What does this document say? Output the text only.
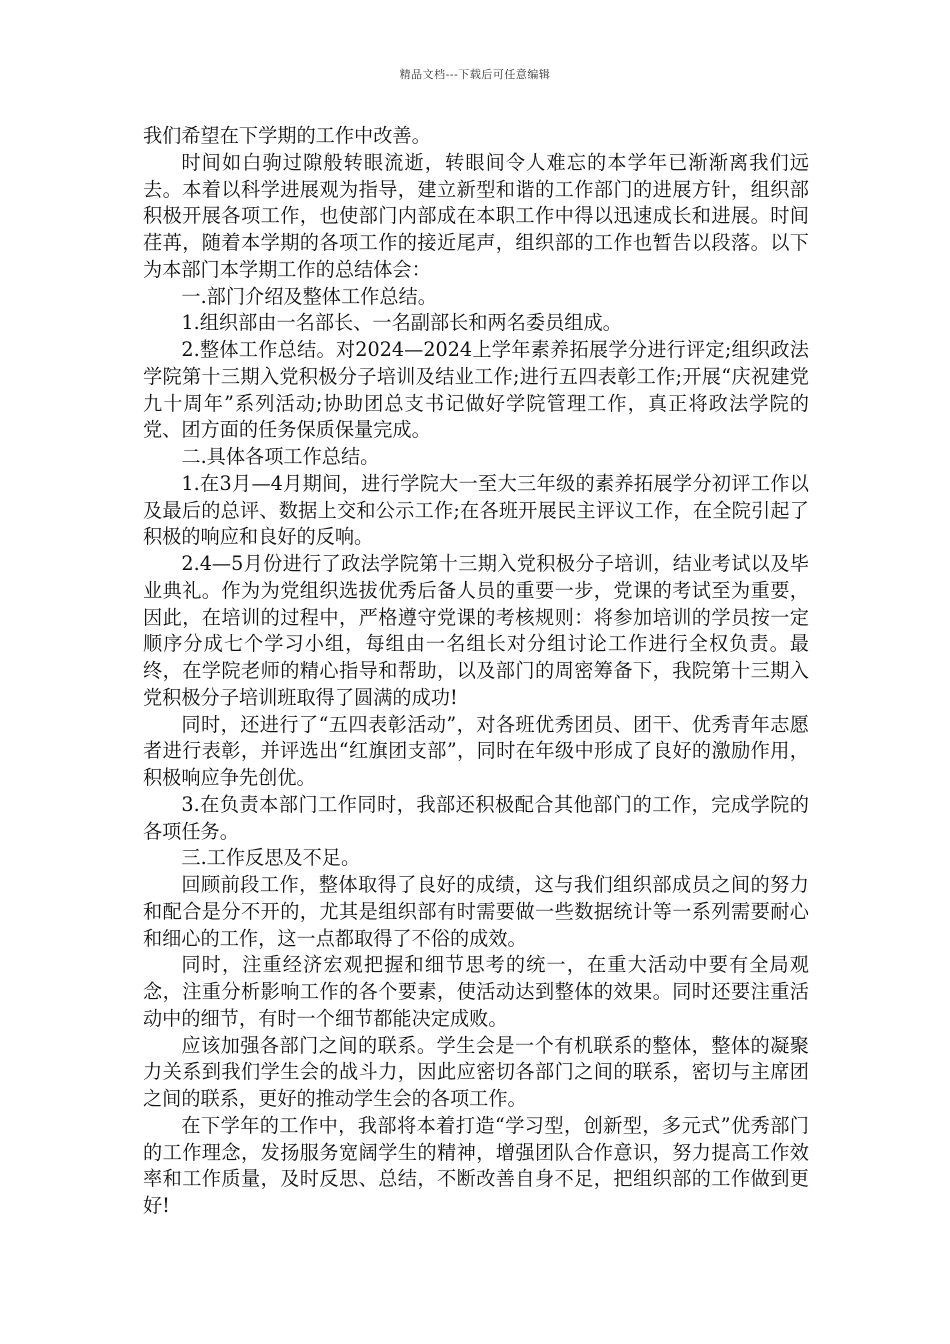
精品文档---下载后可任意编辑

我们希望在下学期的工作中改善。

时间如白驹过隙般转眼流逝，转眼间令人难忘的本学年已渐渐离我们远去。本着以科学进展观为指导，建立新型和谐的工作部门的进展方针，组织部积极开展各项工作，也使部门内部成在本职工作中得以迅速成长和进展。时间荏苒，随着本学期的各项工作的接近尾声，组织部的工作也暂告以段落。以下为本部门本学期工作的总结体会：

一.部门介绍及整体工作总结。

1.组织部由一名部长、一名副部长和两名委员组成。

2.整体工作总结。对2024—2024上学年素养拓展学分进行评定;组织政法学院第十三期入党积极分子培训及结业工作;进行五四表彰工作;开展“庆祝建党九十周年”系列活动;协助团总支书记做好学院管理工作，真正将政法学院的党、团方面的任务保质保量完成。

二.具体各项工作总结。

1.在3月—4月期间，进行学院大一至大三年级的素养拓展学分初评工作以及最后的总评、数据上交和公示工作;在各班开展民主评议工作，在全院引起了积极的响应和良好的反响。

2.4—5月份进行了政法学院第十三期入党积极分子培训，结业考试以及毕业典礼。作为为党组织选拔优秀后备人员的重要一步，党课的考试至为重要，因此，在培训的过程中，严格遵守党课的考核规则：将参加培训的学员按一定顺序分成七个学习小组，每组由一名组长对分组讨论工作进行全权负责。最终，在学院老师的精心指导和帮助，以及部门的周密筹备下，我院第十三期入党积极分子培训班取得了圆满的成功!

同时，还进行了“五四表彰活动”，对各班优秀团员、团干、优秀青年志愿者进行表彰，并评选出“红旗团支部”，同时在年级中形成了良好的激励作用，积极响应争先创优。

3.在负责本部门工作同时，我部还积极配合其他部门的工作，完成学院的各项任务。

三.工作反思及不足。

回顾前段工作，整体取得了良好的成绩，这与我们组织部成员之间的努力和配合是分不开的，尤其是组织部有时需要做一些数据统计等一系列需要耐心和细心的工作，这一点都取得了不俗的成效。

同时，注重经济宏观把握和细节思考的统一，在重大活动中要有全局观念，注重分析影响工作的各个要素，使活动达到整体的效果。同时还要注重活动中的细节，有时一个细节都能决定成败。

应该加强各部门之间的联系。学生会是一个有机联系的整体，整体的凝聚力关系到我们学生会的战斗力，因此应密切各部门之间的联系，密切与主席团之间的联系，更好的推动学生会的各项工作。

在下学年的工作中，我部将本着打造“学习型，创新型，多元式”优秀部门的工作理念，发扬服务宽阔学生的精神，增强团队合作意识，努力提高工作效率和工作质量，及时反思、总结，不断改善自身不足，把组织部的工作做到更好!
